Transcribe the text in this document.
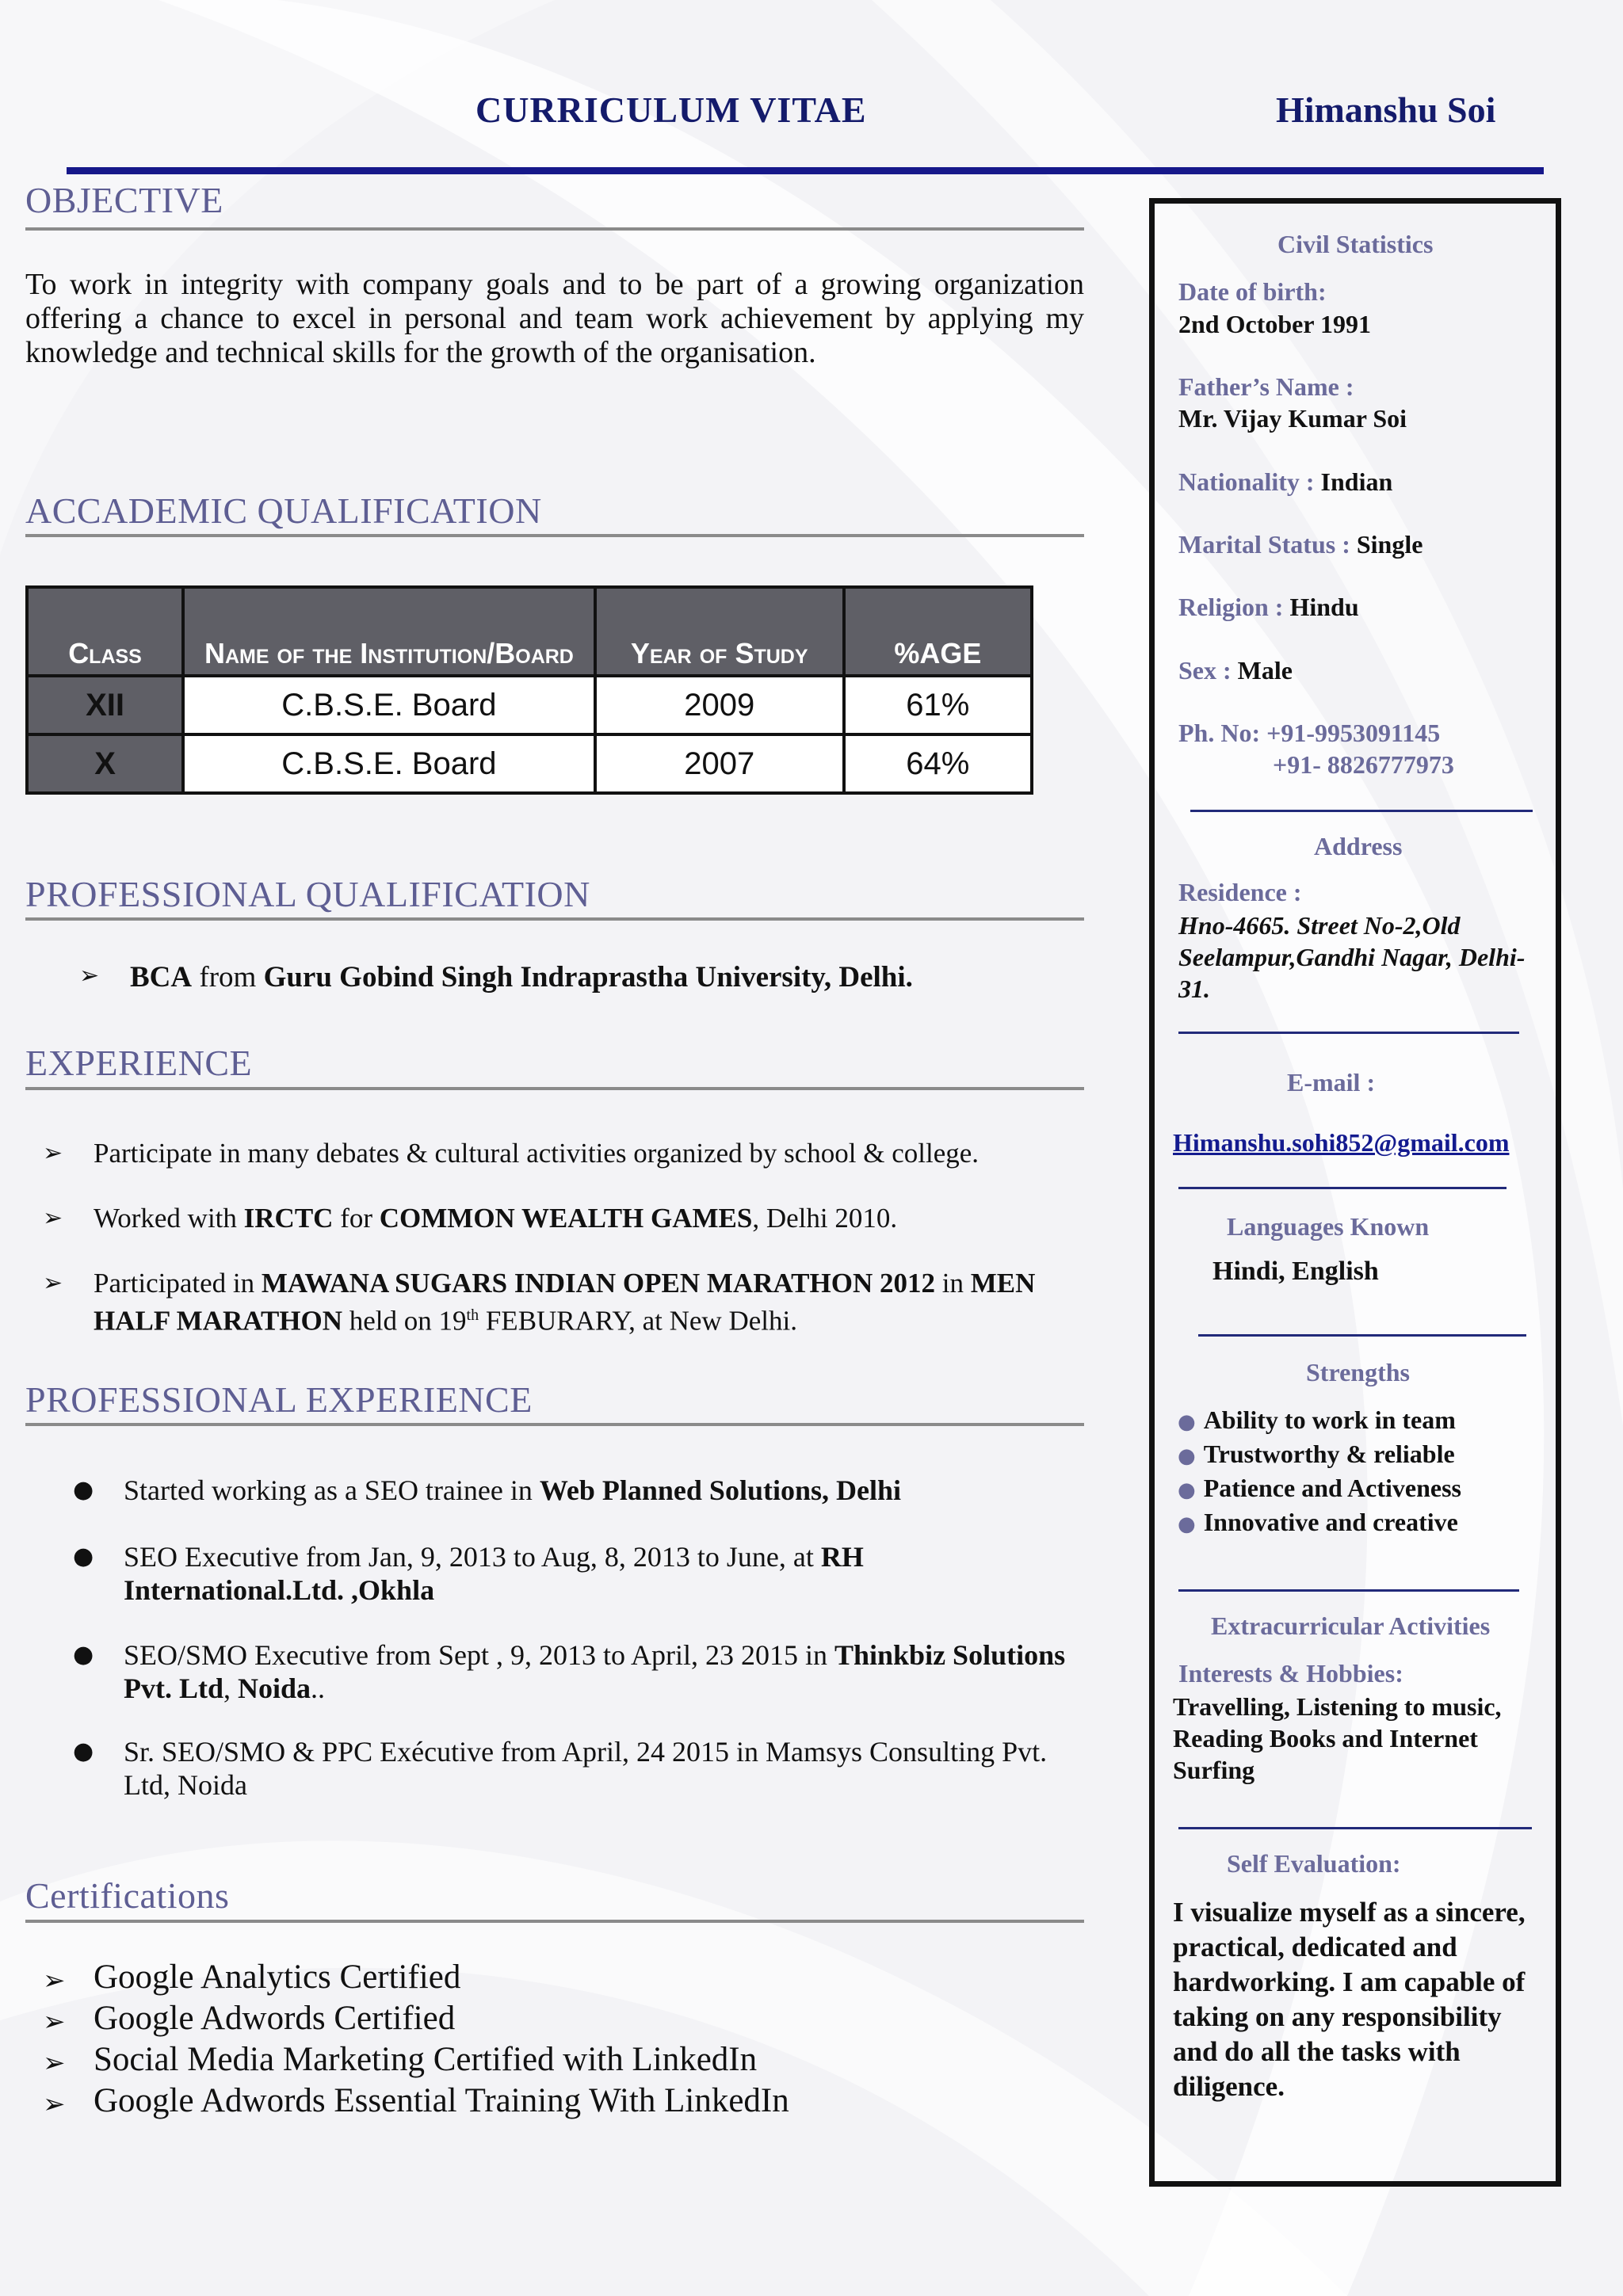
CURRICULUM VITAE	Himanshu Soi
OBJECTIVE

To work in integrity with company goals and to be part of a growing organization offering a chance to excel in personal and team work achievement by applying my knowledge and technical skills for the growth of the organisation.

ACCADEMIC QUALIFICATION
Class	Name of the Institution/Board	Year of Study	%AGE
XII	C.B.S.E. Board	2009	61%
X	C.B.S.E. Board	2007	64%
PROFESSIONAL QUALIFICATION
➢ BCA from Guru Gobind Singh Indraprastha University, Delhi.
EXPERIENCE
➢ Participate in many debates & cultural activities organized by school & college.
➢ Worked with IRCTC for COMMON WEALTH GAMES, Delhi 2010.
➢ Participated in MAWANA SUGARS INDIAN OPEN MARATHON 2012 in MEN HALF MARATHON held on 19th FEBURARY, at New Delhi.
PROFESSIONAL EXPERIENCE
● Started working as a SEO trainee in Web Planned Solutions, Delhi
● SEO Executive from Jan, 9, 2013 to Aug, 8, 2013 to June, at RH International.Ltd. ,Okhla
● SEO/SMO Executive from Sept , 9, 2013 to April, 23 2015 in Thinkbiz Solutions Pvt. Ltd, Noida..
● Sr. SEO/SMO & PPC Exécutive from April, 24 2015 in Mamsys Consulting Pvt. Ltd, Noida
Certifications
➢ Google Analytics Certified
➢ Google Adwords Certified
➢ Social Media Marketing Certified with LinkedIn
➢ Google Adwords Essential Training With LinkedIn

Civil Statistics

Date of birth:

2nd October 1991

Father’s Name :

Mr. Vijay Kumar Soi

Nationality : Indian

Marital Status : Single

Religion : Hindu

Sex : Male

Ph. No: +91-9953091145

+91- 8826777973

Address

Residence :

Hno-4665. Street No-2,Old Seelampur,Gandhi Nagar, Delhi-31.

E-mail :

Himanshu.sohi852@gmail.com

Languages Known

Hindi, English

Strengths

● Ability to work in team
● Trustworthy & reliable
● Patience and Activeness
● Innovative and creative

Extracurricular Activities

Interests & Hobbies:

Travelling, Listening to music, Reading Books and Internet Surfing

Self Evaluation:

I visualize myself as a sincere, practical, dedicated and hardworking. I am capable of taking on any responsibility and do all the tasks with diligence.
